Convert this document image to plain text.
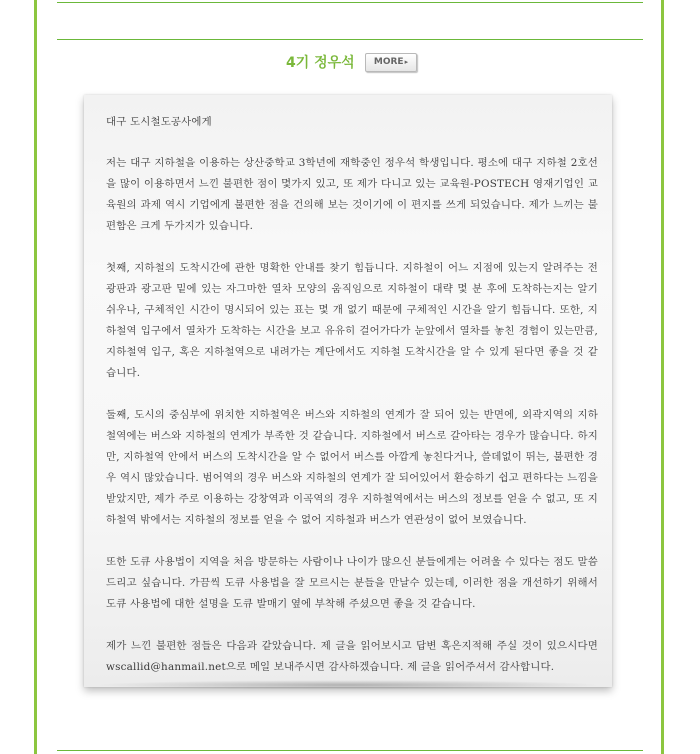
4기 정우석	MORE▸

대구 도시철도공사에게

저는 대구 지하철을 이용하는 상산중학교 3학년에 재학중인 정우석 학생입니다. 평소에 대구 지하철 2호선을 많이 이용하면서 느낀 불편한 점이 몇가지 있고, 또 제가 다니고 있는 교육원-POSTECH 영재기업인 교육원의 과제 역시 기업에게 불편한 점을 건의해 보는 것이기에 이 편지를 쓰게 되었습니다. 제가 느끼는 불편함은 크게 두가지가 있습니다.

첫째, 지하철의 도착시간에 관한 명확한 안내를 찾기 힘듭니다. 지하철이 어느 지점에 있는지 알려주는 전광판과 광고판 밑에 있는 자그마한 열차 모양의 움직임으로 지하철이 대략 몇 분 후에 도착하는지는 알기 쉬우나, 구체적인 시간이 명시되어 있는 표는 몇 개 없기 때문에 구체적인 시간을 알기 힘듭니다. 또한, 지하철역 입구에서 열차가 도착하는 시간을 보고 유유히 걸어가다가 눈앞에서 열차를 놓친 경험이 있는만큼, 지하철역 입구, 혹은 지하철역으로 내려가는 계단에서도 지하철 도착시간을 알 수 있게 된다면 좋을 것 같습니다.

둘째, 도시의 중심부에 위치한 지하철역은 버스와 지하철의 연계가 잘 되어 있는 반면에, 외곽지역의 지하철역에는 버스와 지하철의 연계가 부족한 것 같습니다. 지하철에서 버스로 갈아타는 경우가 많습니다. 하지만, 지하철역 안에서 버스의 도착시간을 알 수 없어서 버스를 아깝게 놓친다거나, 쓸데없이 뛰는, 불편한 경우 역시 많았습니다. 범어역의 경우 버스와 지하철의 연계가 잘 되어있어서 환승하기 쉽고 편하다는 느낌을 받았지만, 제가 주로 이용하는 강창역과 이곡역의 경우 지하철역에서는 버스의 정보를 얻을 수 없고, 또 지하철역 밖에서는 지하철의 정보를 얻을 수 없어 지하철과 버스가 연관성이 없어 보였습니다.

또한 도큐 사용법이 지역을 처음 방문하는 사람이나 나이가 많으신 분들에게는 어려울 수 있다는 점도 말씀드리고 싶습니다. 가끔씩 도큐 사용법을 잘 모르시는 분들을 만날수 있는데, 이러한 점을 개선하기 위해서 도큐 사용법에 대한 설명을 도큐 발매기 옆에 부착해 주셨으면 좋을 것 같습니다.

제가 느낀 불편한 점들은 다음과 같았습니다. 제 글을 읽어보시고 답변 혹은지적해 주실 것이 있으시다면 wscallid@hanmail.net으로 메일 보내주시면 감사하겠습니다. 제 글을 읽어주셔서 감사합니다.
